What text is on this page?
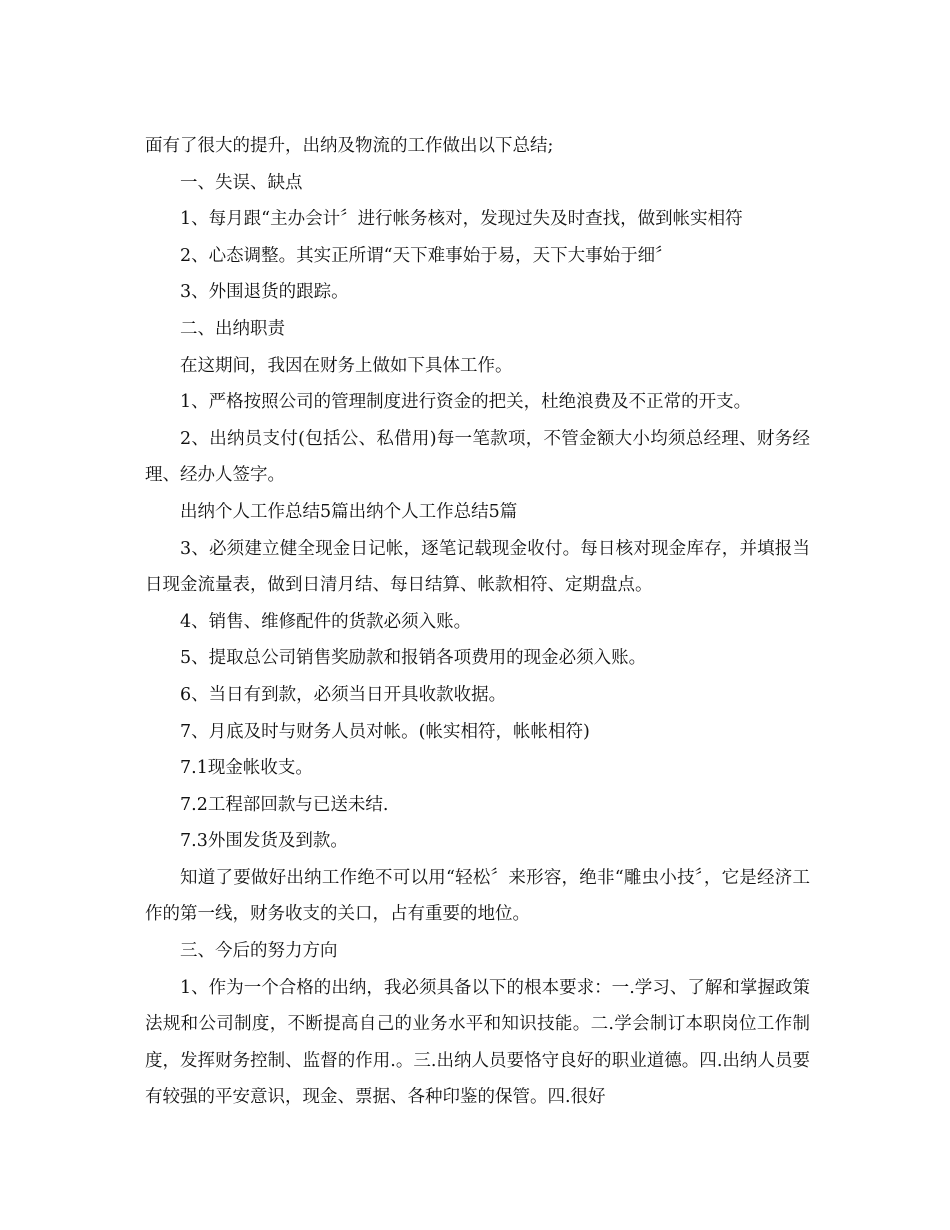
面有了很大的提升，出纳及物流的工作做出以下总结;

一、失误、缺点

1、每月跟“主办会计〞进行帐务核对，发现过失及时查找，做到帐实相符

2、心态调整。其实正所谓“天下难事始于易，天下大事始于细〞

3、外围退货的跟踪。

二、出纳职责

在这期间，我因在财务上做如下具体工作。

1、严格按照公司的管理制度进行资金的把关，杜绝浪费及不正常的开支。

2、出纳员支付(包括公、私借用)每一笔款项，不管金额大小均须总经理、财务经理、经办人签字。

出纳个人工作总结5篇出纳个人工作总结5篇

3、必须建立健全现金日记帐，逐笔记载现金收付。每日核对现金库存，并填报当日现金流量表，做到日清月结、每日结算、帐款相符、定期盘点。

4、销售、维修配件的货款必须入账。

5、提取总公司销售奖励款和报销各项费用的现金必须入账。

6、当日有到款，必须当日开具收款收据。

7、月底及时与财务人员对帐。(帐实相符，帐帐相符)

7.1现金帐收支。

7.2工程部回款与已送未结.

7.3外围发货及到款。

知道了要做好出纳工作绝不可以用“轻松〞来形容，绝非“雕虫小技〞，它是经济工作的第一线，财务收支的关口，占有重要的地位。

三、今后的努力方向

1、作为一个合格的出纳，我必须具备以下的根本要求：一.学习、了解和掌握政策法规和公司制度，不断提高自己的业务水平和知识技能。二.学会制订本职岗位工作制度，发挥财务控制、监督的作用.。三.出纳人员要恪守良好的职业道德。四.出纳人员要有较强的平安意识，现金、票据、各种印鉴的保管。四.很好
